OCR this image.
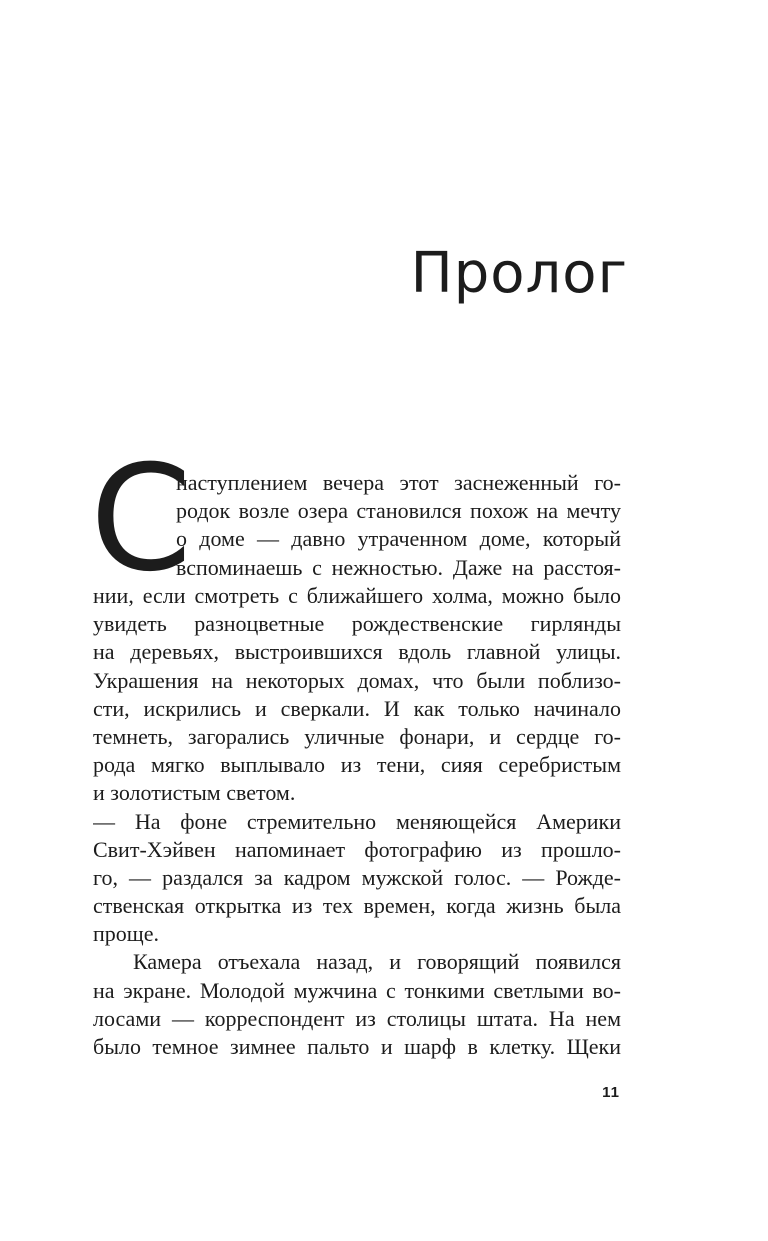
Пролог
С
наступлением вечера этот заснеженный го-
родок возле озера становился похож на мечту
о доме — давно утраченном доме, который
вспоминаешь с нежностью. Даже на расстоя-
нии, если смотреть с ближайшего холма, можно было
увидеть разноцветные рождественские гирлянды
на деревьях, выстроившихся вдоль главной улицы.
Украшения на некоторых домах, что были поблизо-
сти, искрились и сверкали. И как только начинало
темнеть, загорались уличные фонари, и сердце го-
рода мягко выплывало из тени, сияя серебристым
и золотистым светом.
— На фоне стремительно меняющейся Америки
Свит-Хэйвен напоминает фотографию из прошло-
го, — раздался за кадром мужской голос. — Рожде-
ственская открытка из тех времен, когда жизнь была
проще.
Камера отъехала назад, и говорящий появился
на экране. Молодой мужчина с тонкими светлыми во-
лосами — корреспондент из столицы штата. На нем
было темное зимнее пальто и шарф в клетку. Щеки
11
